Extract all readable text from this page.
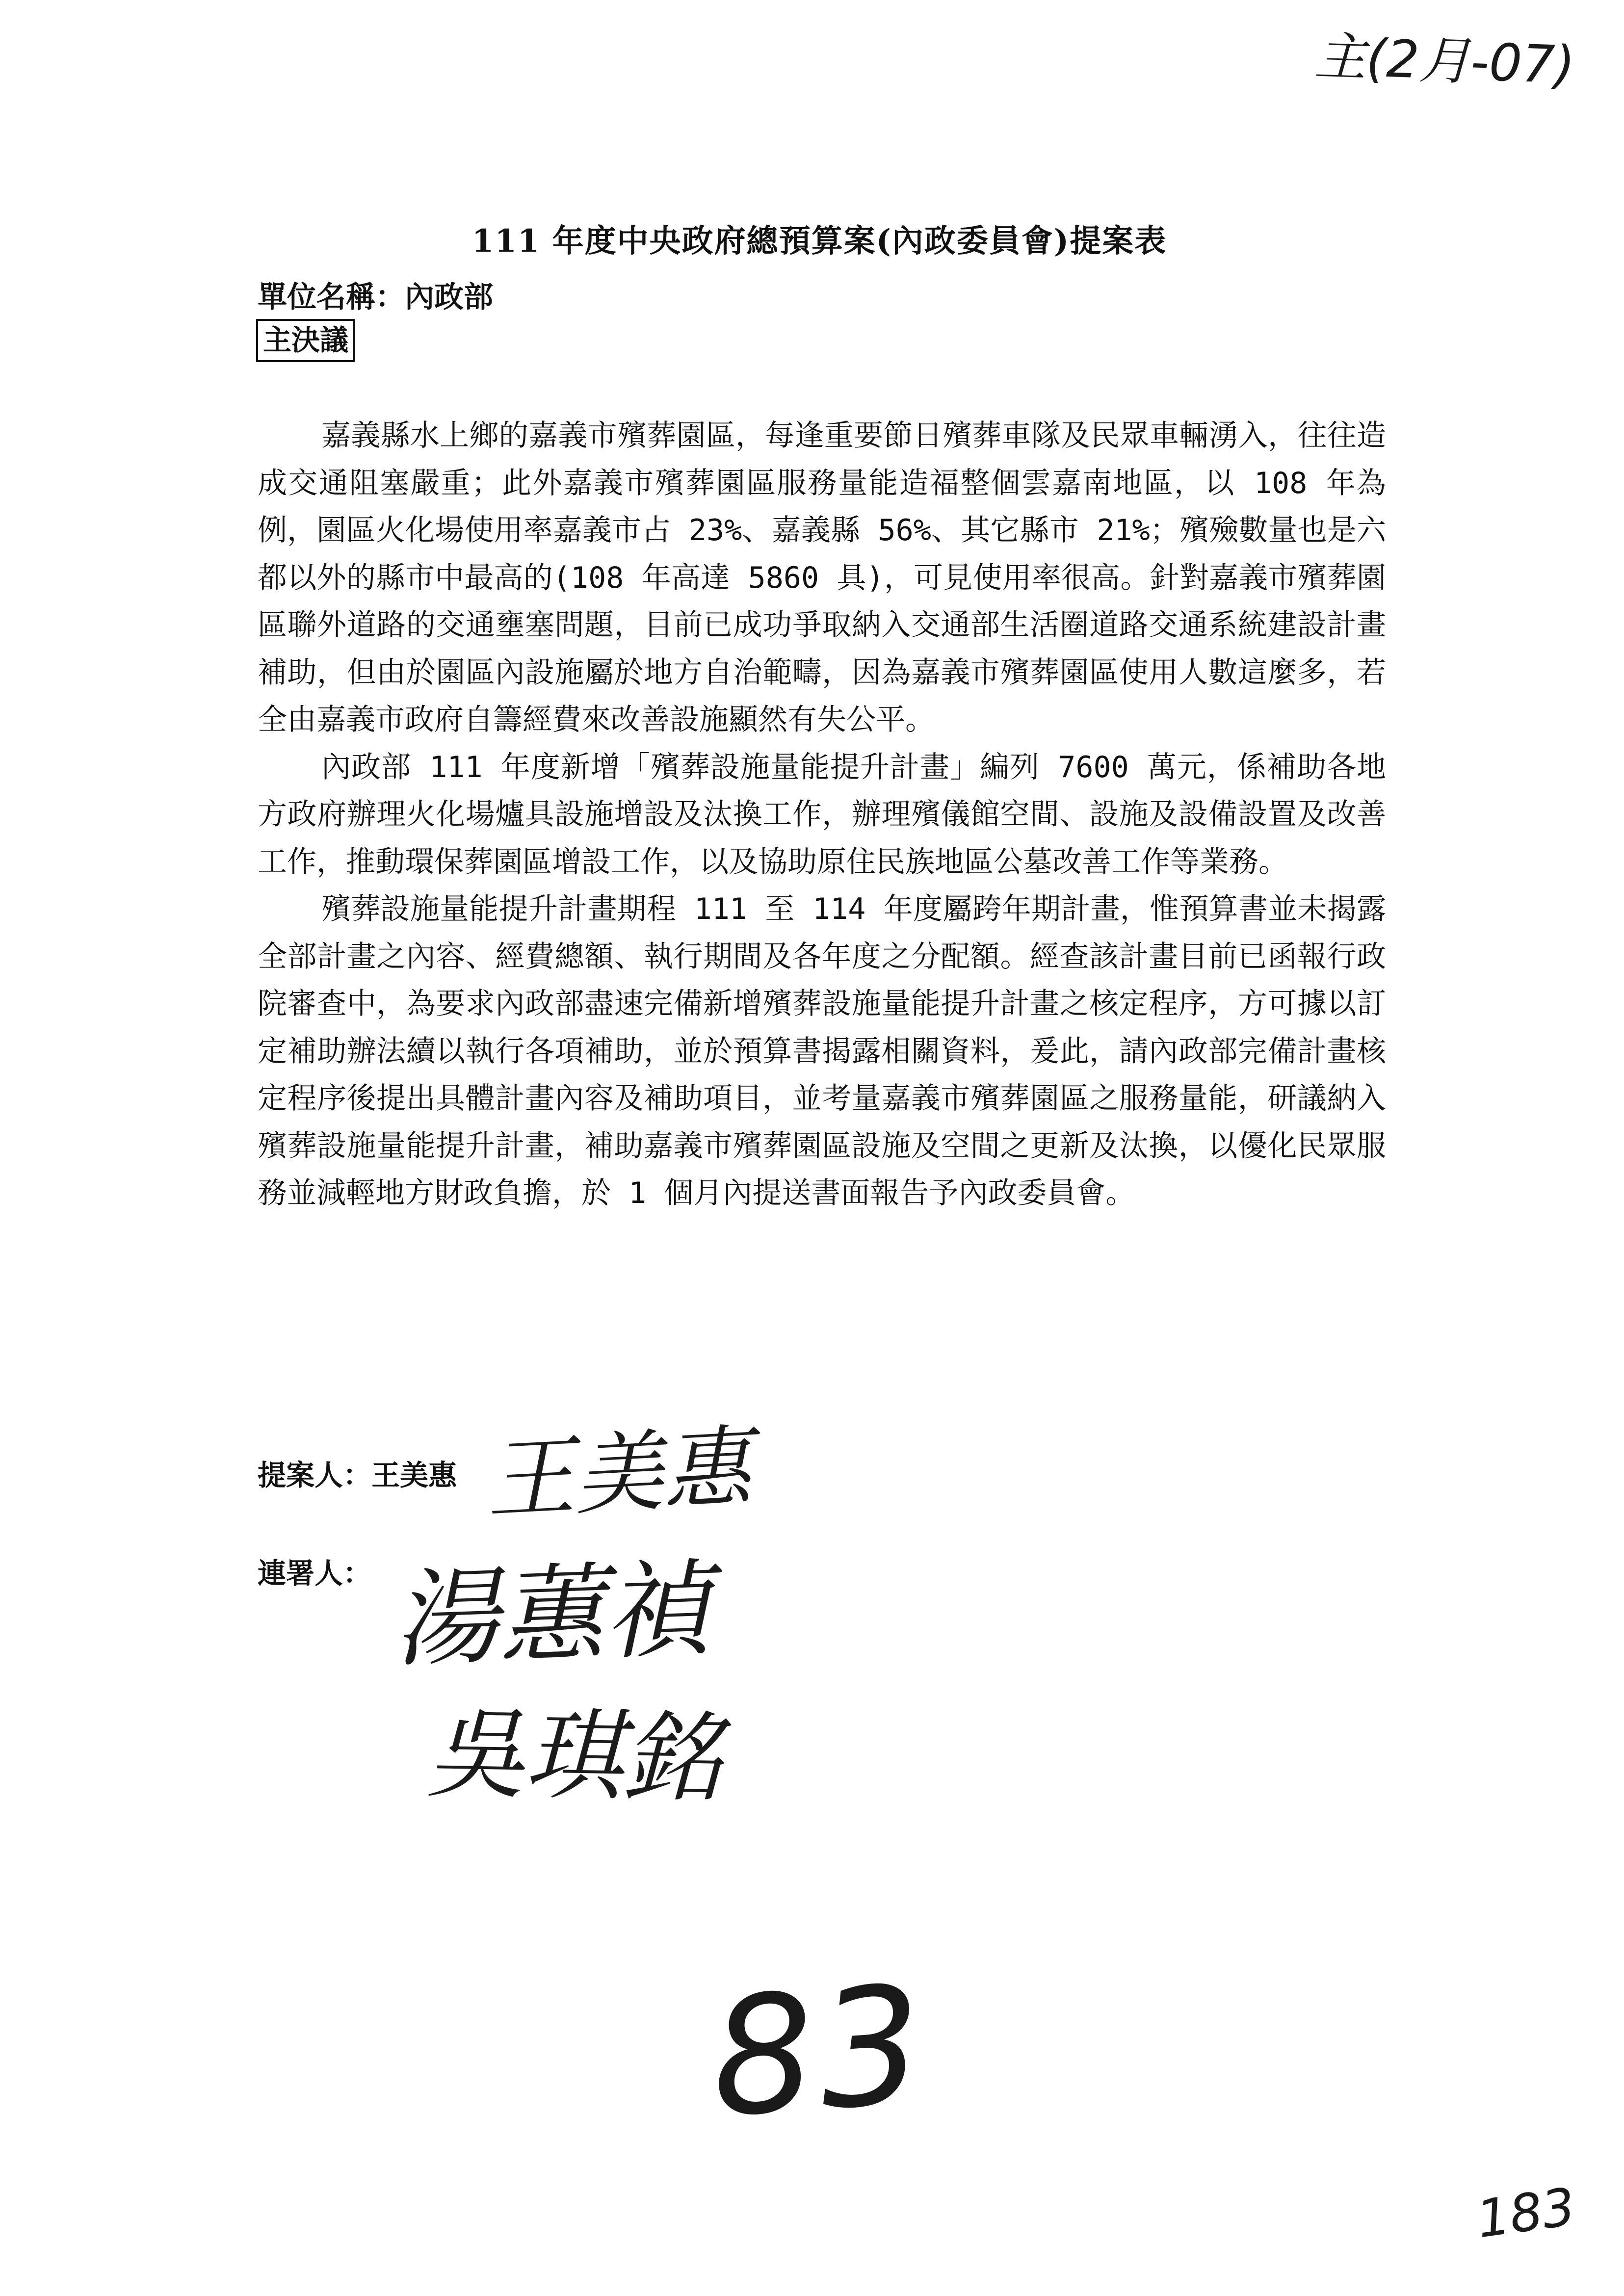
主(2月-07)
111 年度中央政府總預算案(內政委員會)提案表
單位名稱：內政部
主決議

嘉義縣水上鄉的嘉義市殯葬園區，每逢重要節日殯葬車隊及民眾車輛湧入，往往造成交通阻塞嚴重；此外嘉義市殯葬園區服務量能造福整個雲嘉南地區，以 108 年為例，園區火化場使用率嘉義市占 23%、嘉義縣 56%、其它縣市 21%；殯殮數量也是六都以外的縣市中最高的(108 年高達 5860 具)，可見使用率很高。針對嘉義市殯葬園區聯外道路的交通壅塞問題，目前已成功爭取納入交通部生活圈道路交通系統建設計畫補助，但由於園區內設施屬於地方自治範疇，因為嘉義市殯葬園區使用人數這麼多，若全由嘉義市政府自籌經費來改善設施顯然有失公平。

內政部 111 年度新增「殯葬設施量能提升計畫」編列 7600 萬元，係補助各地方政府辦理火化場爐具設施增設及汰換工作，辦理殯儀館空間、設施及設備設置及改善工作，推動環保葬園區增設工作，以及協助原住民族地區公墓改善工作等業務。

殯葬設施量能提升計畫期程 111 至 114 年度屬跨年期計畫，惟預算書並未揭露全部計畫之內容、經費總額、執行期間及各年度之分配額。經查該計畫目前已函報行政院審查中，為要求內政部盡速完備新增殯葬設施量能提升計畫之核定程序，方可據以訂定補助辦法續以執行各項補助，並於預算書揭露相關資料，爰此，請內政部完備計畫核定程序後提出具體計畫內容及補助項目，並考量嘉義市殯葬園區之服務量能，研議納入殯葬設施量能提升計畫，補助嘉義市殯葬園區設施及空間之更新及汰換，以優化民眾服務並減輕地方財政負擔，於 1 個月內提送書面報告予內政委員會。

提案人：王美惠 王美惠
連署人： 湯蕙禎
吳琪銘
83
183
